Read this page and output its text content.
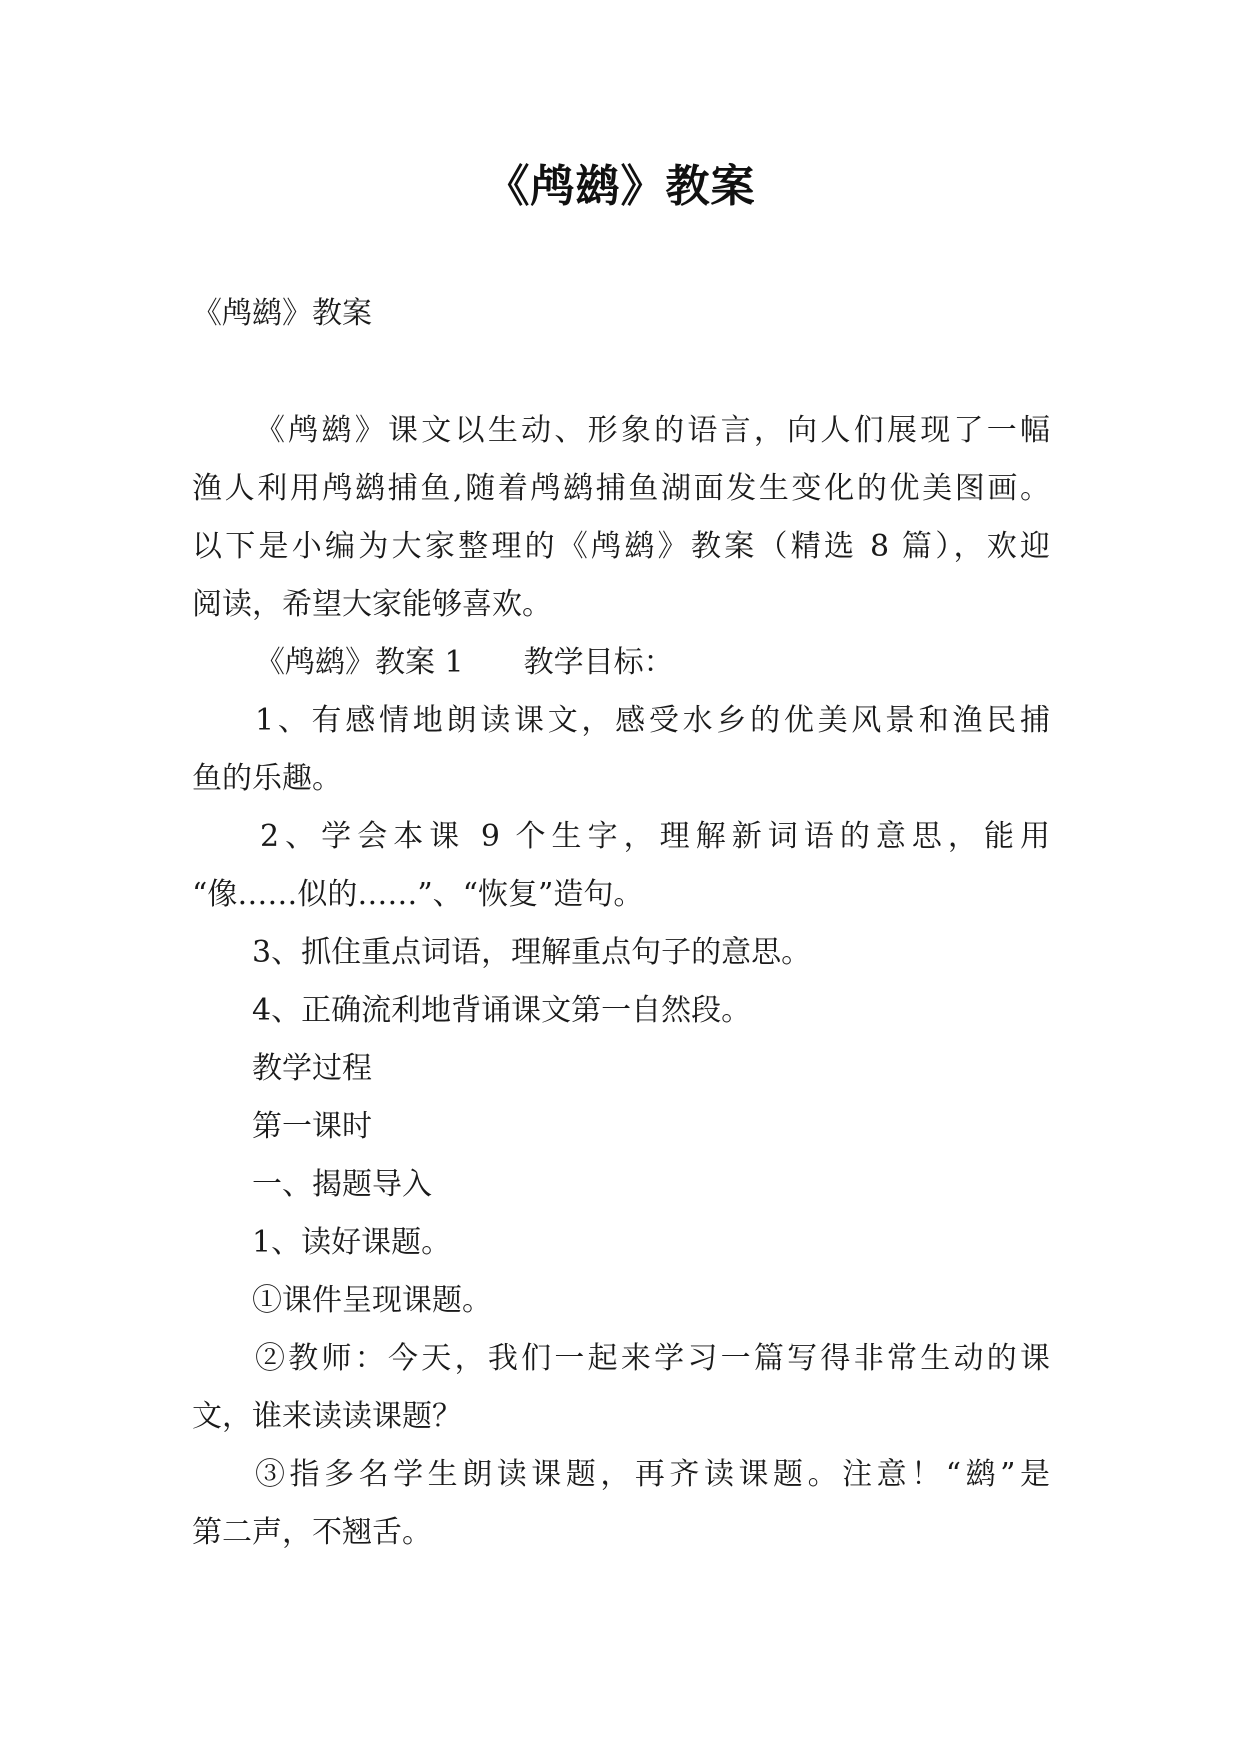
《鸬鹚》教案
《鸬鹚》教案
《鸬鹚》课文以生动、形象的语言，向人们展现了一幅
渔人利用鸬鹚捕鱼,随着鸬鹚捕鱼湖面发生变化的优美图画。
以下是小编为大家整理的《鸬鹚》教案（精选 8 篇），欢迎
阅读，希望大家能够喜欢。
《鸬鹚》教案 1　　教学目标：
1、有感情地朗读课文，感受水乡的优美风景和渔民捕
鱼的乐趣。
2、学会本课 9 个生字，理解新词语的意思，能用
“像……似的……”、“恢复”造句。
3、抓住重点词语，理解重点句子的意思。
4、正确流利地背诵课文第一自然段。
教学过程
第一课时
一、揭题导入
1、读好课题。
①课件呈现课题。
②教师：今天，我们一起来学习一篇写得非常生动的课
文，谁来读读课题？
③指多名学生朗读课题，再齐读课题。注意！“鹚”是
第二声，不翘舌。
